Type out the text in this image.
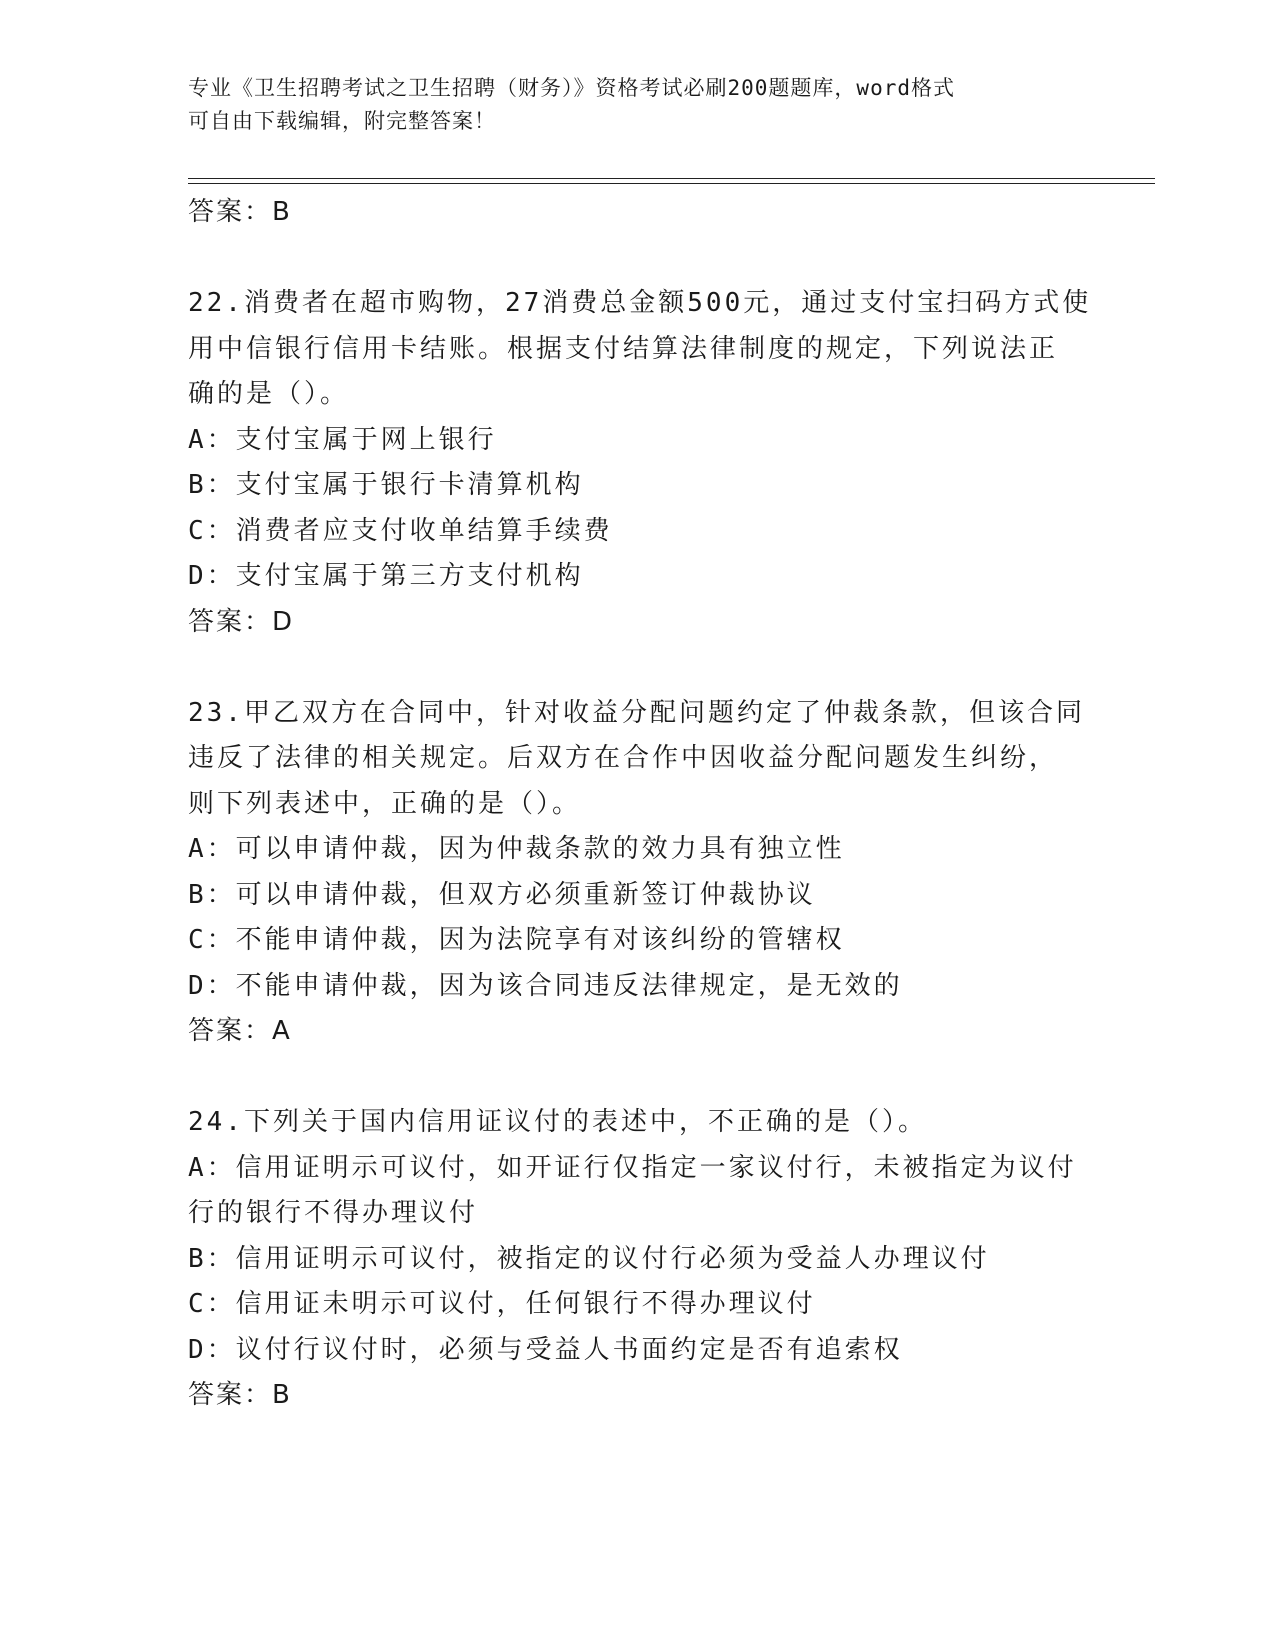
专业《卫生招聘考试之卫生招聘（财务）》资格考试必刷200题题库，word格式
可自由下载编辑，附完整答案！
答案：B
22.消费者在超市购物，27消费总金额500元，通过支付宝扫码方式使
用中信银行信用卡结账。根据支付结算法律制度的规定，下列说法正
确的是（）。
A：支付宝属于网上银行
B：支付宝属于银行卡清算机构
C：消费者应支付收单结算手续费
D：支付宝属于第三方支付机构
答案：D
23.甲乙双方在合同中，针对收益分配问题约定了仲裁条款，但该合同
违反了法律的相关规定。后双方在合作中因收益分配问题发生纠纷，
则下列表述中，正确的是（）。
A：可以申请仲裁，因为仲裁条款的效力具有独立性
B：可以申请仲裁，但双方必须重新签订仲裁协议
C：不能申请仲裁，因为法院享有对该纠纷的管辖权
D：不能申请仲裁，因为该合同违反法律规定，是无效的
答案：A
24.下列关于国内信用证议付的表述中，不正确的是（）。
A：信用证明示可议付，如开证行仅指定一家议付行，未被指定为议付
行的银行不得办理议付
B：信用证明示可议付，被指定的议付行必须为受益人办理议付
C：信用证未明示可议付，任何银行不得办理议付
D：议付行议付时，必须与受益人书面约定是否有追索权
答案：B
